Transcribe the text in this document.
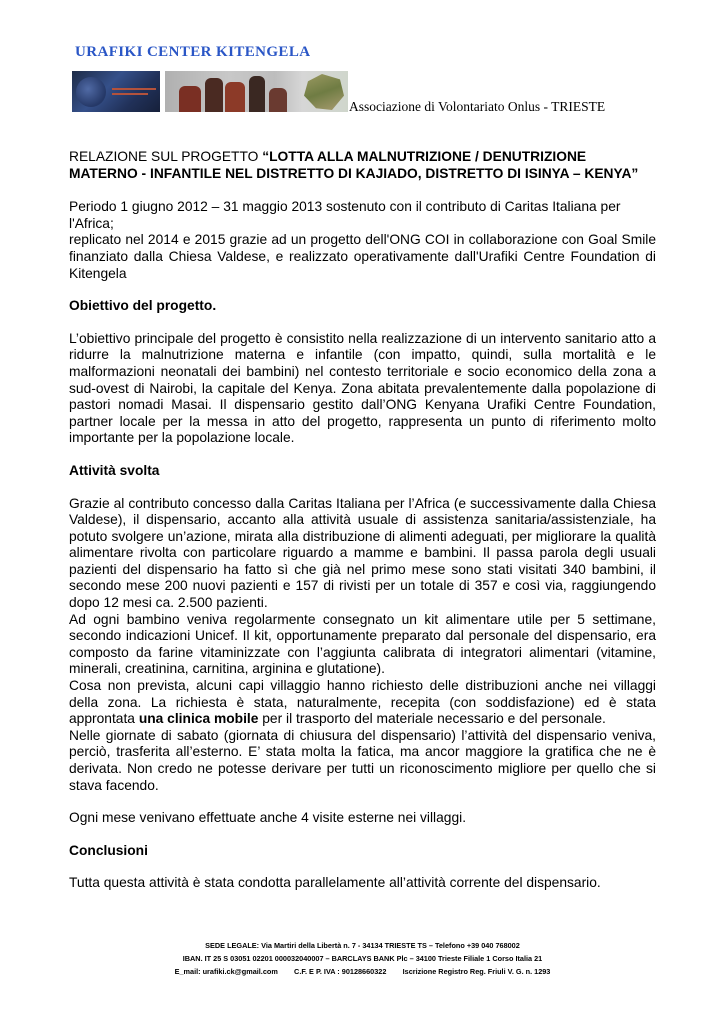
URAFIKI CENTER KITENGELA
Associazione di Volontariato Onlus - TRIESTE

RELAZIONE SUL PROGETTO “LOTTA ALLA MALNUTRIZIONE / DENUTRIZIONE MATERNO - INFANTILE NEL DISTRETTO DI KAJIADO, DISTRETTO DI ISINYA – KENYA”

Periodo 1 giugno 2012 – 31 maggio 2013 sostenuto con il contributo di Caritas Italiana per l'Africa;

replicato nel 2014 e 2015 grazie ad un progetto dell'ONG COI in collaborazione con Goal Smile finanziato dalla Chiesa Valdese, e realizzato operativamente dall'Urafiki Centre Foundation di Kitengela

Obiettivo del progetto.

L’obiettivo principale del progetto è consistito nella realizzazione di un intervento sanitario atto a ridurre la malnutrizione materna e infantile (con impatto, quindi, sulla mortalità e le malformazioni neonatali dei bambini) nel contesto territoriale e socio economico della zona a sud-ovest di Nairobi, la capitale del Kenya. Zona abitata prevalentemente dalla popolazione di pastori nomadi Masai. Il dispensario gestito dall’ONG Kenyana Urafiki Centre Foundation, partner locale per la messa in atto del progetto, rappresenta un punto di riferimento molto importante per la popolazione locale.

Attività svolta

Grazie al contributo concesso dalla Caritas Italiana per l’Africa (e successivamente dalla Chiesa Valdese), il dispensario, accanto alla attività usuale di assistenza sanitaria/assistenziale, ha potuto svolgere un’azione, mirata alla distribuzione di alimenti adeguati, per migliorare la qualità alimentare rivolta con particolare riguardo a mamme e bambini. Il passa parola degli usuali pazienti del dispensario ha fatto sì che già nel primo mese sono stati visitati 340 bambini, il secondo mese 200 nuovi pazienti e 157 di rivisti per un totale di 357 e così via, raggiungendo dopo 12 mesi ca. 2.500 pazienti.

Ad ogni bambino veniva regolarmente consegnato un kit alimentare utile per 5 settimane, secondo indicazioni Unicef. Il kit, opportunamente preparato dal personale del dispensario, era composto da farine vitaminizzate con l’aggiunta calibrata di integratori alimentari (vitamine, minerali, creatinina, carnitina, arginina e glutatione).

Cosa non prevista, alcuni capi villaggio hanno richiesto delle distribuzioni anche nei villaggi della zona. La richiesta è stata, naturalmente, recepita (con soddisfazione) ed è stata approntata una clinica mobile per il trasporto del materiale necessario e del personale.

Nelle giornate di sabato (giornata di chiusura del dispensario) l’attività del dispensario veniva, perciò, trasferita all’esterno. E’ stata molta la fatica, ma ancor maggiore la gratifica che ne è derivata. Non credo ne potesse derivare per tutti un riconoscimento migliore per quello che si stava facendo.

Ogni mese venivano effettuate anche 4 visite esterne nei villaggi.

Conclusioni

Tutta questa attività è stata condotta parallelamente all’attività corrente del dispensario.

SEDE LEGALE: Via Martiri della Libertà n. 7 - 34134 TRIESTE TS – Telefono +39 040 768002
IBAN. IT 25 S 03051 02201 000032040007 – BARCLAYS BANK Plc – 34100 Trieste Filiale 1 Corso Italia 21
E_mail: urafiki.ck@gmail.com        C.F. E P. IVA : 90128660322        Iscrizione Registro Reg. Friuli V. G. n. 1293
